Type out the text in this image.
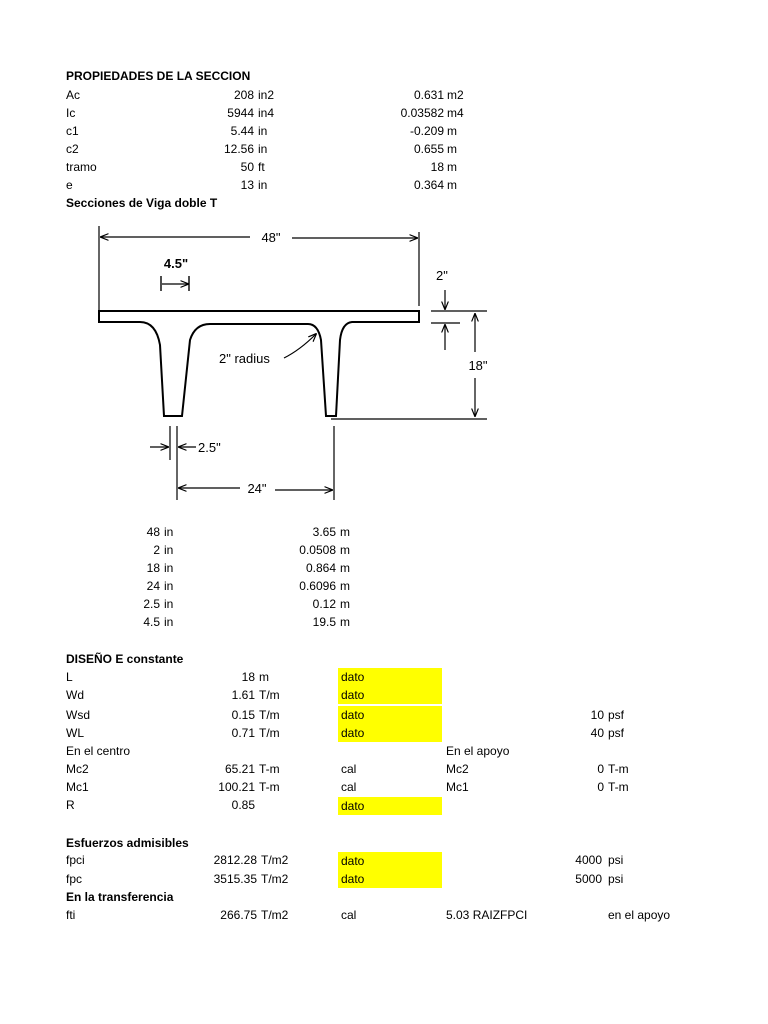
PROPIEDADES DE LA SECCION
Ac	208 in2	0.631 m2
Ic	5944 in4	0.03582 m4
c1	5.44 in	-0.209 m
c2	12.56 in	0.655 m
tramo	50 ft	18 m
e	13 in	0.364 m
Secciones de Viga doble T
48"
4.5"
2"
2" radius	18"
2.5"
24"
48 in	3.65 m
2 in	0.0508 m
18 in	0.864 m
24 in	0.6096 m
2.5 in	0.12 m
4.5 in	19.5 m
DISEÑO E constante
L	18 m	dato
Wd	1.61 T/m	dato
Wsd	0.15 T/m	dato	10 psf
WL	0.71 T/m	dato	40 psf
En el centro	En el apoyo
Mc2	65.21 T-m	cal	Mc2	0 T-m
Mc1	100.21 T-m	cal	Mc1	0 T-m
R	0.85	dato
Esfuerzos admisibles
fpci	2812.28 T/m2	dato	4000 psi
fpc	3515.35 T/m2	dato	5000 psi
En la transferencia
fti	266.75 T/m2	cal	5.03 RAIZFPCI	en el apoyo
